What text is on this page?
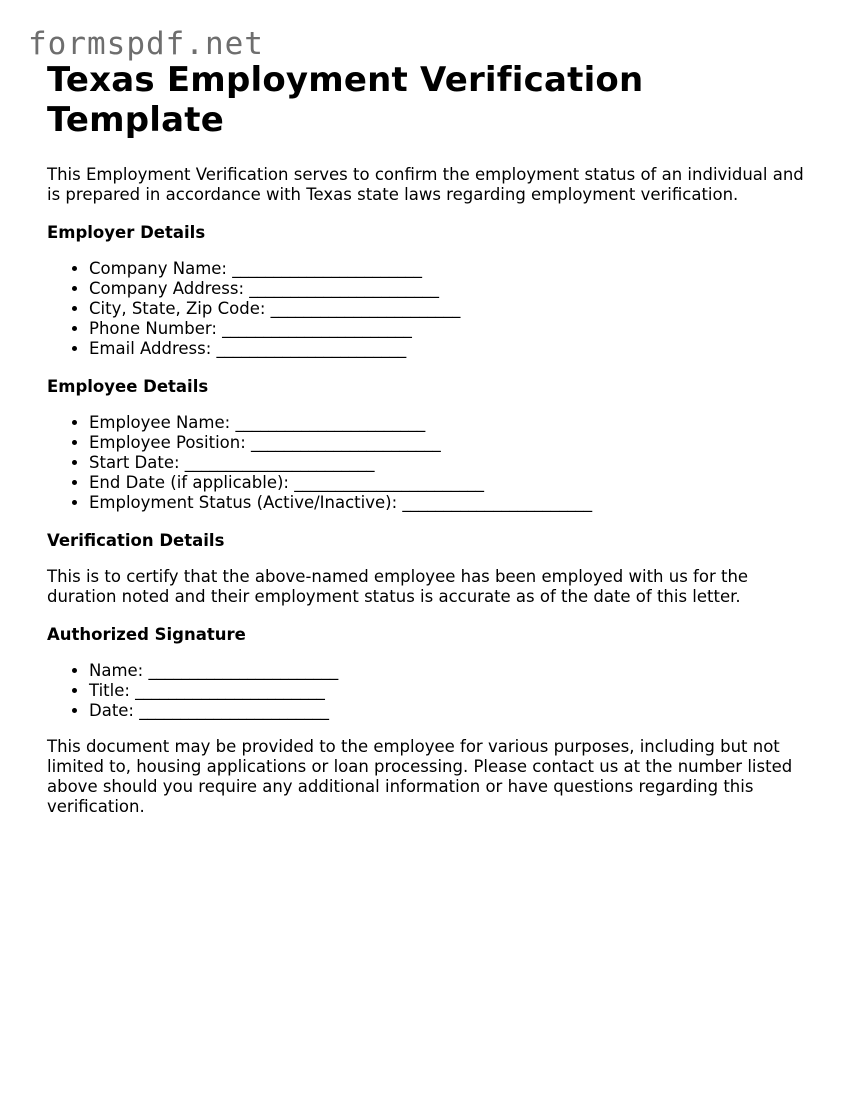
formspdf.net
Texas Employment Verification Template

This Employment Verification serves to confirm the employment status of an individual and is prepared in accordance with Texas state laws regarding employment verification.

Employer Details
• Company Name: _______________________
• Company Address: _______________________
• City, State, Zip Code: _______________________
• Phone Number: _______________________
• Email Address: _______________________
Employee Details
• Employee Name: _______________________
• Employee Position: _______________________
• Start Date: _______________________
• End Date (if applicable): _______________________
• Employment Status (Active/Inactive): _______________________
Verification Details

This is to certify that the above-named employee has been employed with us for the duration noted and their employment status is accurate as of the date of this letter.

Authorized Signature
• Name: _______________________
• Title: _______________________
• Date: _______________________

This document may be provided to the employee for various purposes, including but not limited to, housing applications or loan processing. Please contact us at the number listed above should you require any additional information or have questions regarding this verification.
